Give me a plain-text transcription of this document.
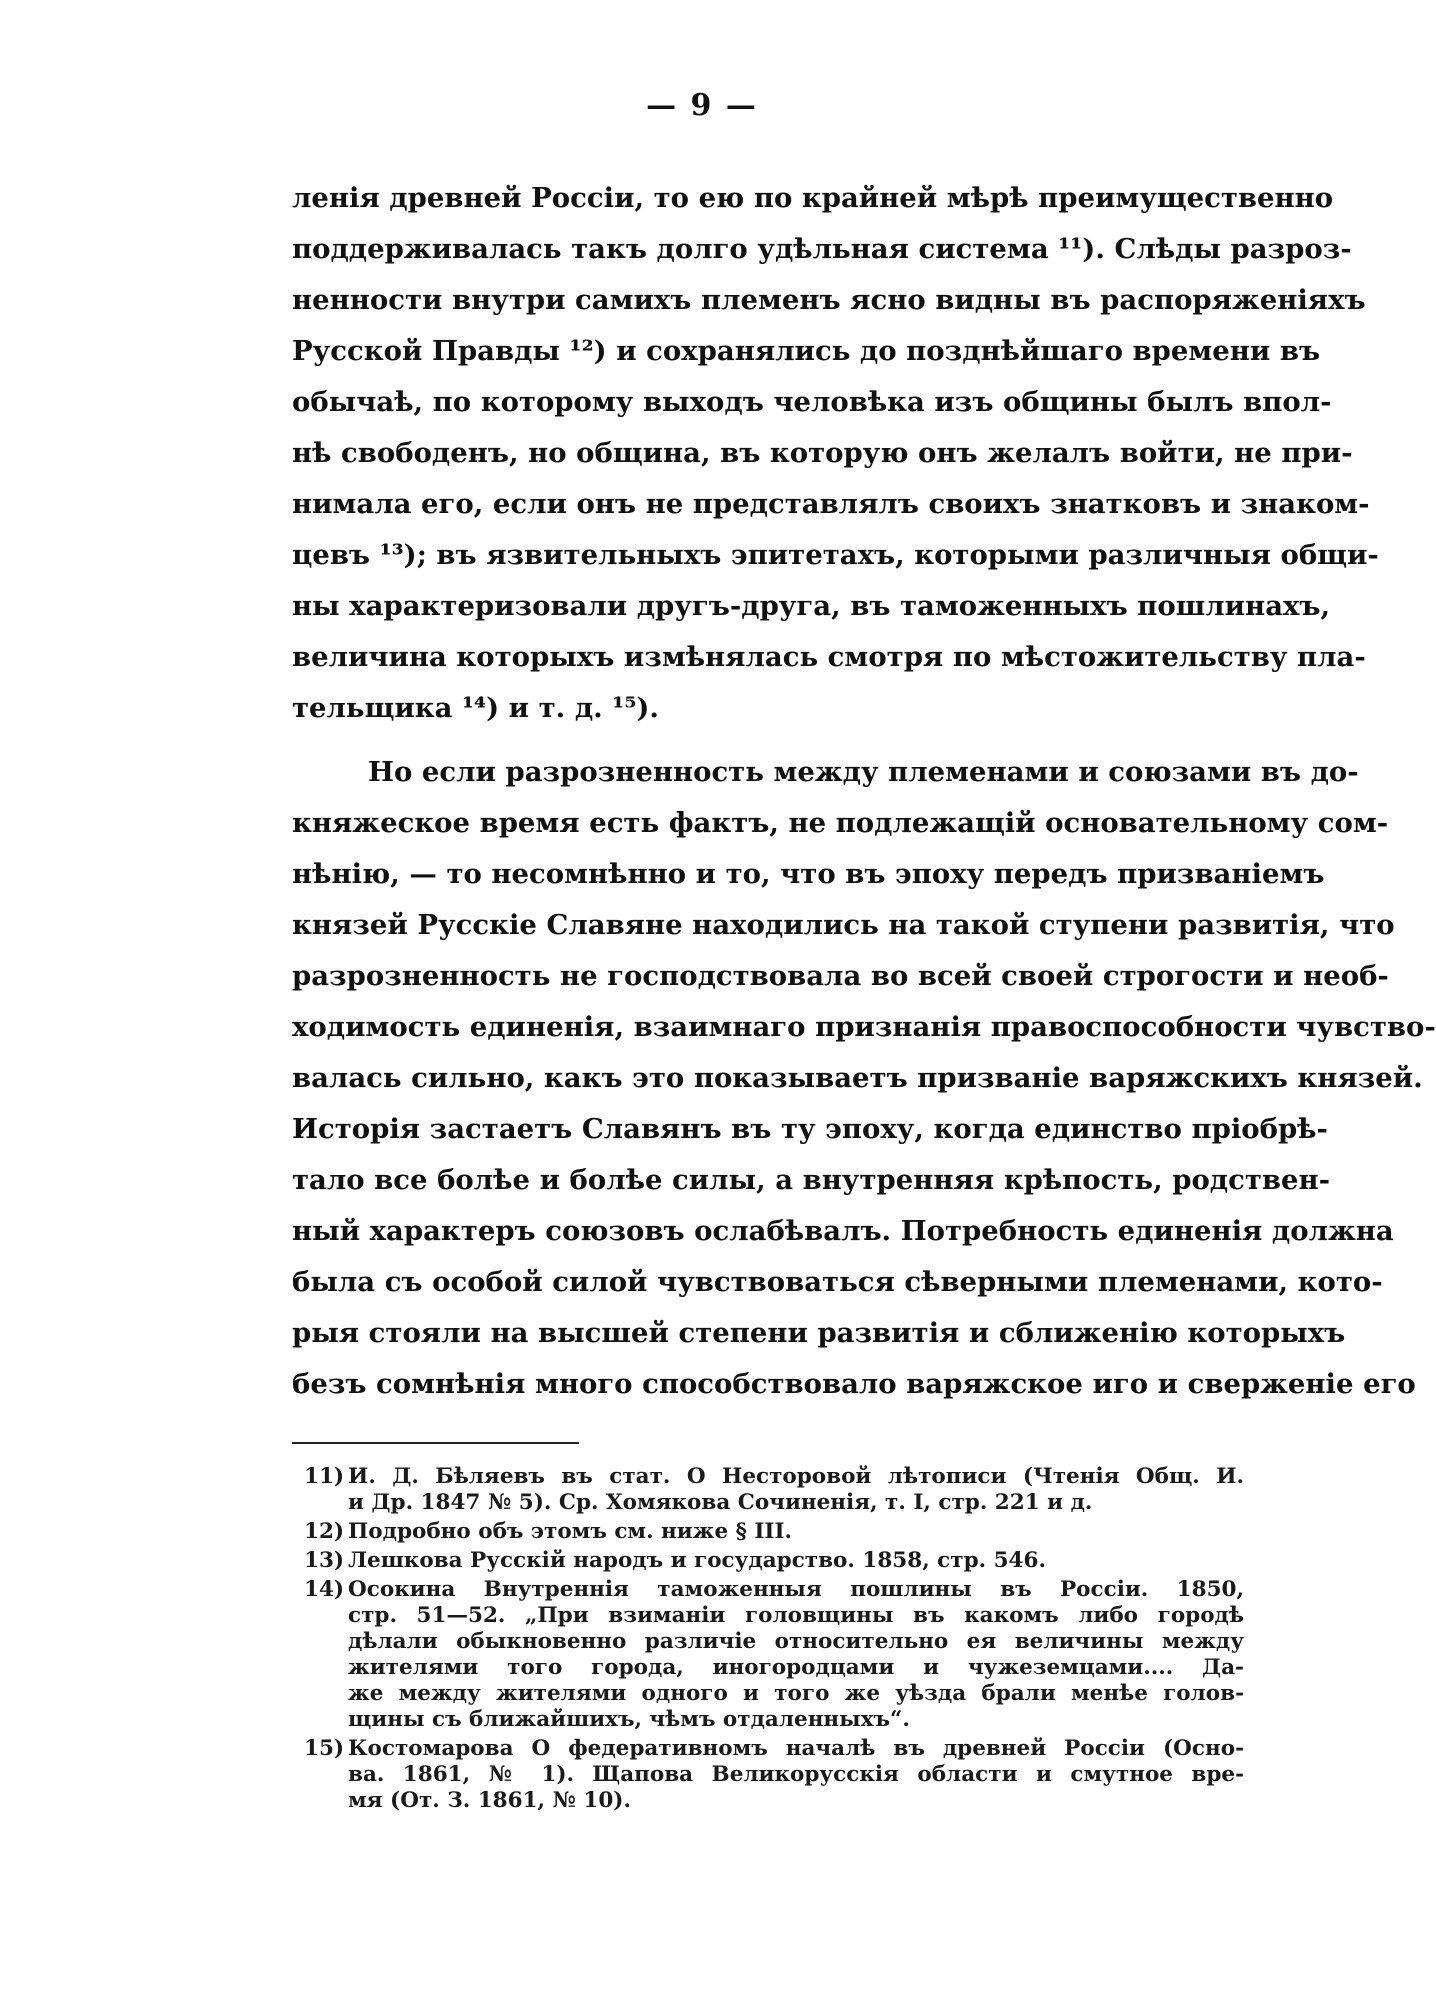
— 9 —
ленія древней Россіи, то ею по крайней мѣрѣ преимущественно
поддерживалась такъ долго удѣльная система ¹¹). Слѣды разроз-
ненности внутри самихъ племенъ ясно видны въ распоряженіяхъ
Русской Правды ¹²) и сохранялись до позднѣйшаго времени въ
обычаѣ, по которому выходъ человѣка изъ общины былъ впол-
нѣ свободенъ, но община, въ которую онъ желалъ войти, не при-
нимала его, если онъ не представлялъ своихъ знатковъ и знаком-
цевъ ¹³); въ язвительныхъ эпитетахъ, которыми различныя общи-
ны характеризовали другъ-друга, въ таможенныхъ пошлинахъ,
величина которыхъ измѣнялась смотря по мѣстожительству пла-
тельщика ¹⁴) и т. д. ¹⁵).
Но если разрозненность между племенами и союзами въ до-
княжеское время есть фактъ, не подлежащій основательному сом-
нѣнію, — то несомнѣнно и то, что въ эпоху передъ призваніемъ
князей Русскіе Славяне находились на такой ступени развитія, что
разрозненность не господствовала во всей своей строгости и необ-
ходимость единенія, взаимнаго признанія правоспособности чувство-
валась сильно, какъ это показываетъ призваніе варяжскихъ князей.
Исторія застаетъ Славянъ въ ту эпоху, когда единство пріобрѣ-
тало все болѣе и болѣе силы, а внутренняя крѣпость, родствен-
ный характеръ союзовъ ослабѣвалъ. Потребность единенія должна
была съ особой силой чувствоваться сѣверными племенами, кото-
рыя стояли на высшей степени развитія и сближенію которыхъ
безъ сомнѣнія много способствовало варяжское иго и сверженіе его
11) И. Д. Бѣляевъ въ стат. О Несторовой лѣтописи (Чтенія Общ. И.
и Др. 1847 № 5). Ср. Хомякова Сочиненія, т. I, стр. 221 и д.
12) Подробно объ этомъ см. ниже § III.
13) Лешкова Русскій народъ и государство. 1858, стр. 546.
14) Осокина Внутреннія таможенныя пошлины въ Россіи. 1850,
стр. 51—52. „При взиманіи головщины въ какомъ либо городѣ
дѣлали обыкновенно различіе относительно ея величины между
жителями того города, иногородцами и чужеземцами.... Да-
же между жителями одного и того же уѣзда брали менѣе голов-
щины съ ближайшихъ, чѣмъ отдаленныхъ“.
15) Костомарова О федеративномъ началѣ въ древней Россіи (Осно-
ва. 1861, № 1). Щапова Великорусскія области и смутное вре-
мя (От. З. 1861, № 10).
